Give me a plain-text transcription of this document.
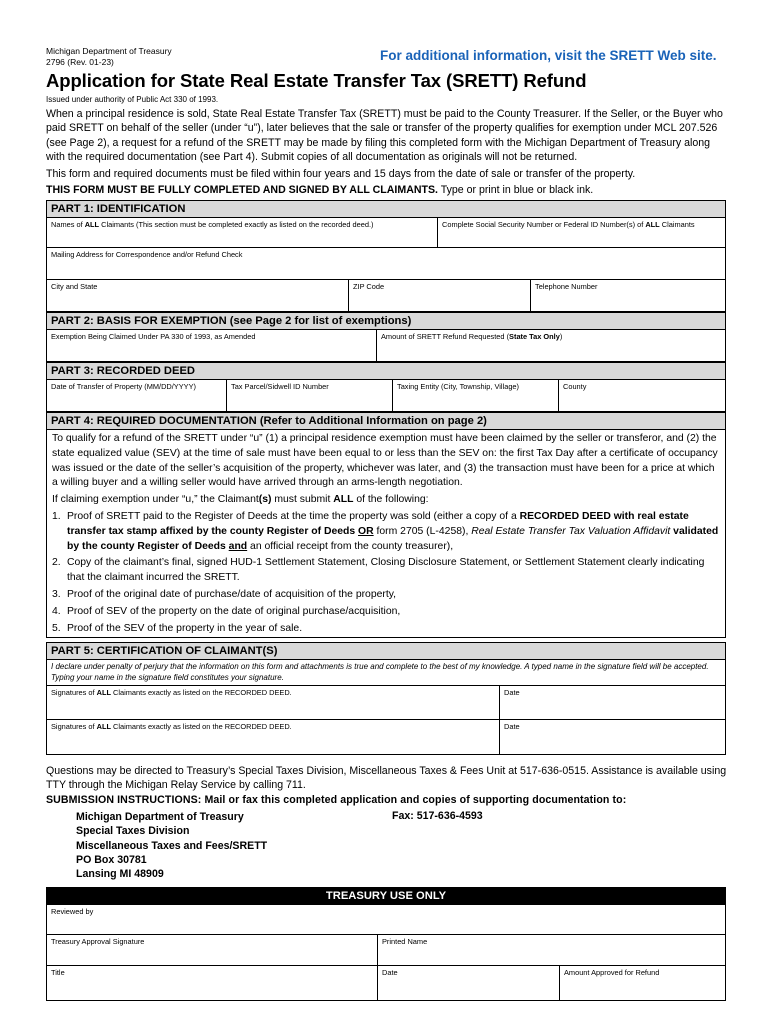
Michigan Department of Treasury
2796 (Rev. 01-23)	For additional information, visit the SRETT Web site.
Application for State Real Estate Transfer Tax (SRETT) Refund
Issued under authority of Public Act 330 of 1993.

When a principal residence is sold, State Real Estate Transfer Tax (SRETT) must be paid to the County Treasurer. If the Seller, or the Buyer who paid SRETT on behalf of the seller (under “u”), later believes that the sale or transfer of the property qualifies for exemption under MCL 207.526 (see Page 2), a request for a refund of the SRETT may be made by filing this completed form with the Michigan Department of Treasury along with the required documentation (see Part 4). Submit copies of all documentation as originals will not be returned.

This form and required documents must be filed within four years and 15 days from the date of sale or transfer of the property.

THIS FORM MUST BE FULLY COMPLETED AND SIGNED BY ALL CLAIMANTS. Type or print in blue or black ink.

PART 1: IDENTIFICATION
Names of ALL Claimants (This section must be completed exactly as listed on the recorded deed.)	Complete Social Security Number or Federal ID Number(s) of ALL Claimants
Mailing Address for Correspondence and/or Refund Check
City and State	ZIP Code	Telephone Number
PART 2: BASIS FOR EXEMPTION (see Page 2 for list of exemptions)
Exemption Being Claimed Under PA 330 of 1993, as Amended	Amount of SRETT Refund Requested (State Tax Only)
PART 3: RECORDED DEED
Date of Transfer of Property (MM/DD/YYYY)	Tax Parcel/Sidwell ID Number	Taxing Entity (City, Township, Village)	County
PART 4: REQUIRED DOCUMENTATION (Refer to Additional Information on page 2)
To qualify for a refund of the SRETT under “u” (1) a principal residence exemption must have been claimed by the seller or transferor, and (2) the state equalized value (SEV) at the time of sale must have been equal to or less than the SEV on: the first Tax Day after a certificate of occupancy was issued or the date of the seller’s acquisition of the property, whichever was later, and (3) the transaction must have been for a price at which a willing buyer and a willing seller would have arrived through an arms-length negotiation.
If claiming exemption under “u,” the Claimant(s) must submit ALL of the following:
1. Proof of SRETT paid to the Register of Deeds at the time the property was sold (either a copy of a RECORDED DEED with real estate transfer tax stamp affixed by the county Register of Deeds OR form 2705 (L-4258), Real Estate Transfer Tax Valuation Affidavit validated by the county Register of Deeds and an official receipt from the county treasurer),
2. Copy of the claimant’s final, signed HUD-1 Settlement Statement, Closing Disclosure Statement, or Settlement Statement clearly indicating that the claimant incurred the SRETT.
3. Proof of the original date of purchase/date of acquisition of the property,
4. Proof of SEV of the property on the date of original purchase/acquisition,
5. Proof of the SEV of the property in the year of sale.
PART 5: CERTIFICATION OF CLAIMANT(S)
I declare under penalty of perjury that the information on this form and attachments is true and complete to the best of my knowledge. A typed name in the signature field will be accepted. Typing your name in the signature field constitutes your signature.
Signatures of ALL Claimants exactly as listed on the RECORDED DEED.	Date
Signatures of ALL Claimants exactly as listed on the RECORDED DEED.	Date
Questions may be directed to Treasury’s Special Taxes Division, Miscellaneous Taxes & Fees Unit at 517-636-0515. Assistance is available using TTY through the Michigan Relay Service by calling 711.
SUBMISSION INSTRUCTIONS: Mail or fax this completed application and copies of supporting documentation to:
Michigan Department of Treasury
Special Taxes Division
Miscellaneous Taxes and Fees/SRETT
PO Box 30781
Lansing MI 48909
Fax: 517-636-4593
TREASURY USE ONLY
Reviewed by
Treasury Approval Signature	Printed Name
Title	Date	Amount Approved for Refund
